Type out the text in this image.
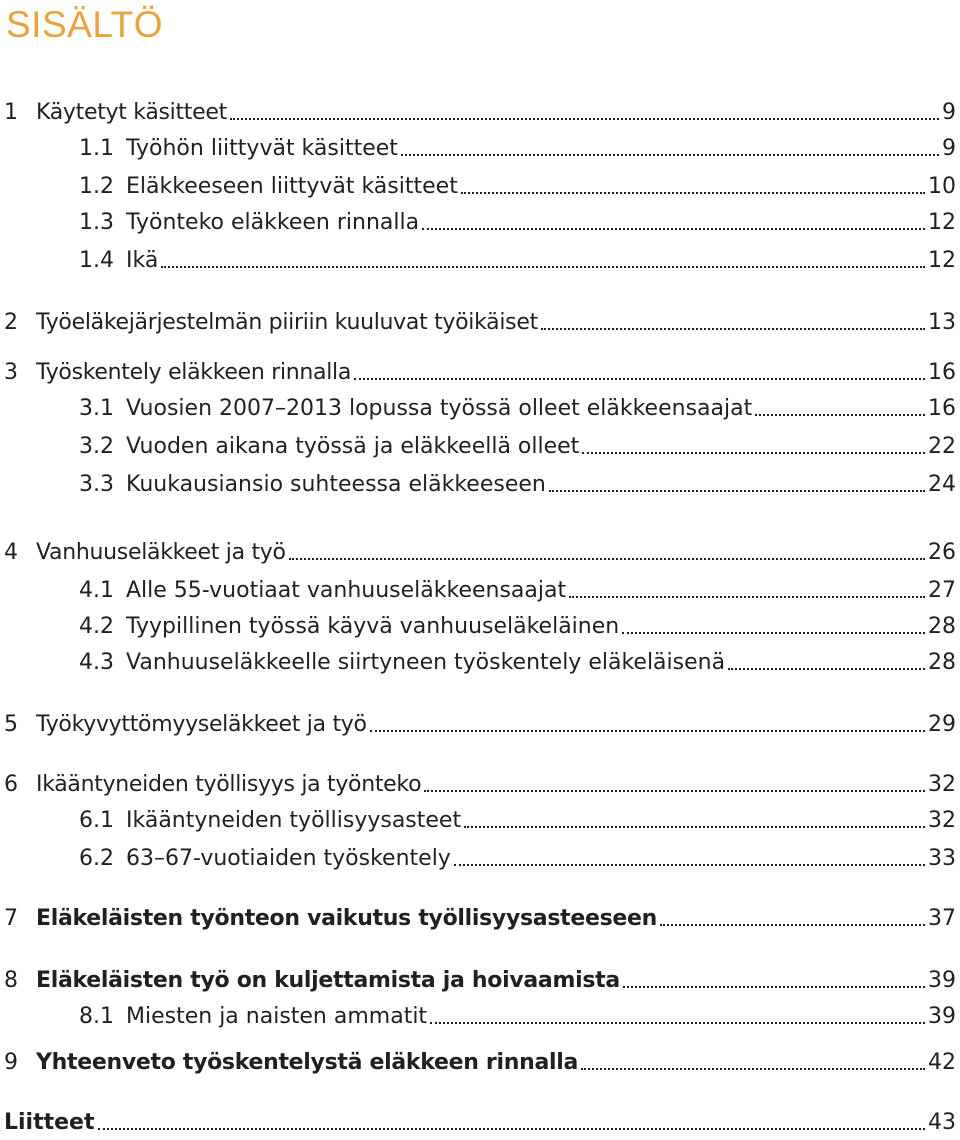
SISÄLTÖ
1 Käytetyt käsitteet	9
1.1 Työhön liittyvät käsitteet	9
1.2 Eläkkeeseen liittyvät käsitteet	10
1.3 Työnteko eläkkeen rinnalla	12
1.4 Ikä	12
2 Työeläkejärjestelmän piiriin kuuluvat työikäiset	13
3 Työskentely eläkkeen rinnalla	16
3.1 Vuosien 2007–2013 lopussa työssä olleet eläkkeensaajat	16
3.2 Vuoden aikana työssä ja eläkkeellä olleet	22
3.3 Kuukausiansio suhteessa eläkkeeseen	24
4 Vanhuuseläkkeet ja työ	26
4.1 Alle 55-vuotiaat vanhuuseläkkeensaajat	27
4.2 Tyypillinen työssä käyvä vanhuuseläkeläinen	28
4.3 Vanhuuseläkkeelle siirtyneen työskentely eläkeläisenä	28
5 Työkyvyttömyyseläkkeet ja työ	29
6 Ikääntyneiden työllisyys ja työnteko	32
6.1 Ikääntyneiden työllisyysasteet	32
6.2 63–67-vuotiaiden työskentely	33
7 Eläkeläisten työnteon vaikutus työllisyysasteeseen	37
8 Eläkeläisten työ on kuljettamista ja hoivaamista	39
8.1 Miesten ja naisten ammatit	39
9 Yhteenveto työskentelystä eläkkeen rinnalla	42
Liitteet	43
